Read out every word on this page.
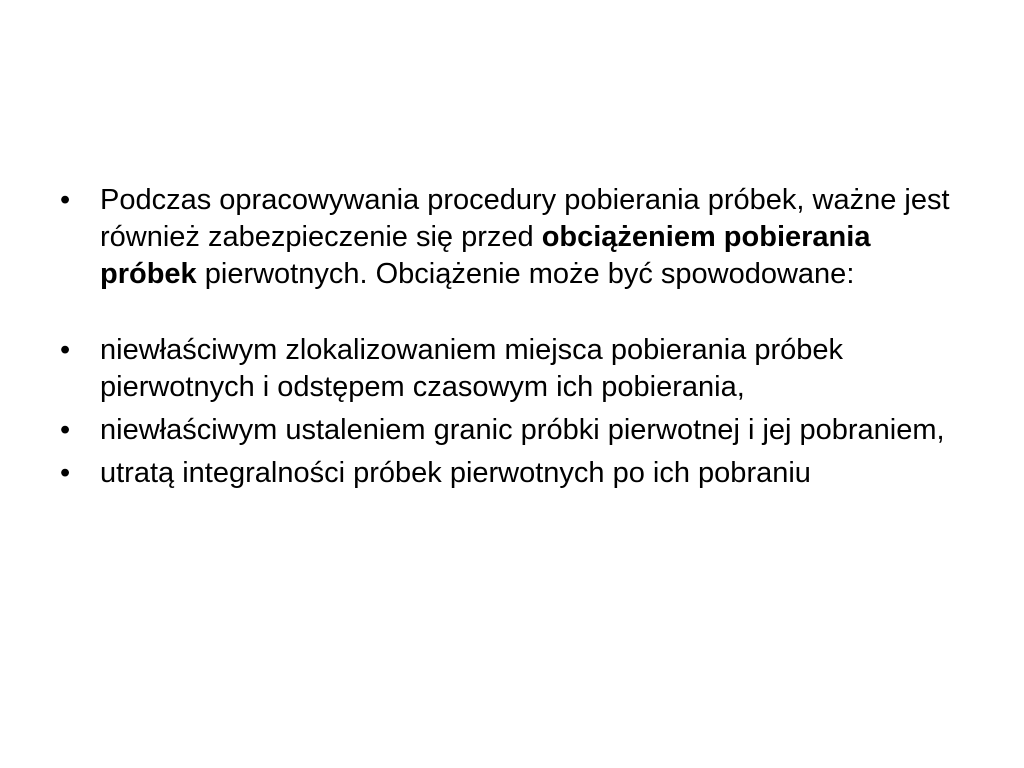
•	Podczas opracowywania procedury pobierania próbek, ważne jest również zabezpieczenie się przed obciążeniem pobierania próbek pierwotnych. Obciążenie może być spowodowane:
•	niewłaściwym zlokalizowaniem miejsca pobierania próbek pierwotnych i odstępem czasowym ich pobierania,
•	niewłaściwym ustaleniem granic próbki pierwotnej i jej pobraniem,
•	utratą integralności próbek pierwotnych po ich pobraniu
